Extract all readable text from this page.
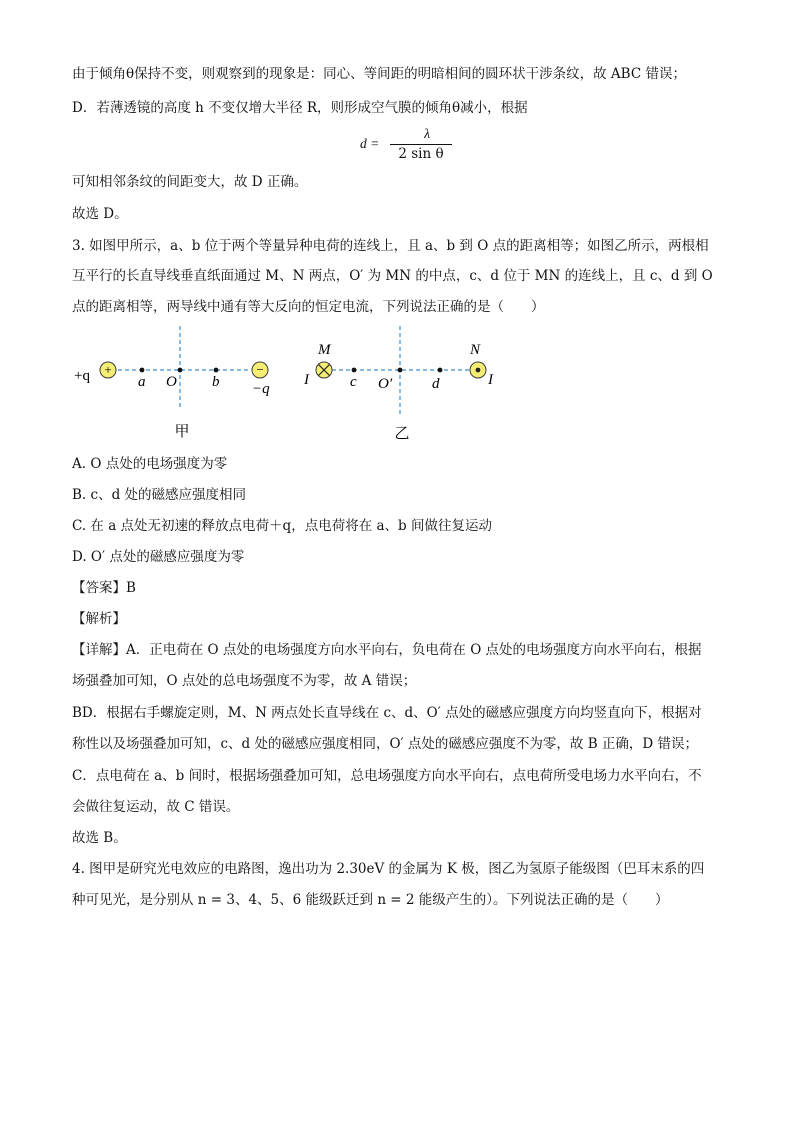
由于倾角θ保持不变，则观察到的现象是：同心、等间距的明暗相间的圆环状干涉条纹，故 ABC 错误；
D．若薄透镜的高度 h 不变仅增大半径 R，则形成空气膜的倾角θ减小，根据
d =
λ
2 sin θ
可知相邻条纹的间距变大，故 D 正确。
故选 D。
3. 如图甲所示，a、b 位于两个等量异种电荷的连线上，且 a、b 到 O 点的距离相等；如图乙所示，两根相
互平行的长直导线垂直纸面通过 M、N 两点，O′ 为 MN 的中点，c、d 位于 MN 的连线上，且 c、d 到 O
点的距离相等，两导线中通有等大反向的恒定电流，下列说法正确的是（　　）
+	−
+q
−q
a O b
甲
M	N
I	I
c O′	d
乙
A. O 点处的电场强度为零
B. c、d 处的磁感应强度相同
C. 在 a 点处无初速的释放点电荷＋q，点电荷将在 a、b 间做往复运动
D. O′ 点处的磁感应强度为零
【答案】B
【解析】
【详解】A．正电荷在 O 点处的电场强度方向水平向右，负电荷在 O 点处的电场强度方向水平向右，根据
场强叠加可知，O 点处的总电场强度不为零，故 A 错误；
BD．根据右手螺旋定则，M、N 两点处长直导线在 c、d、O′ 点处的磁感应强度方向均竖直向下，根据对
称性以及场强叠加可知，c、d 处的磁感应强度相同，O′ 点处的磁感应强度不为零，故 B 正确，D 错误；
C．点电荷在 a、b 间时，根据场强叠加可知，总电场强度方向水平向右，点电荷所受电场力水平向右，不
会做往复运动，故 C 错误。
故选 B。
4. 图甲是研究光电效应的电路图，逸出功为 2.30eV 的金属为 K 极，图乙为氢原子能级图（巴耳末系的四
种可见光，是分别从 n = 3、4、5、6 能级跃迁到 n = 2 能级产生的）。下列说法正确的是（　　）
